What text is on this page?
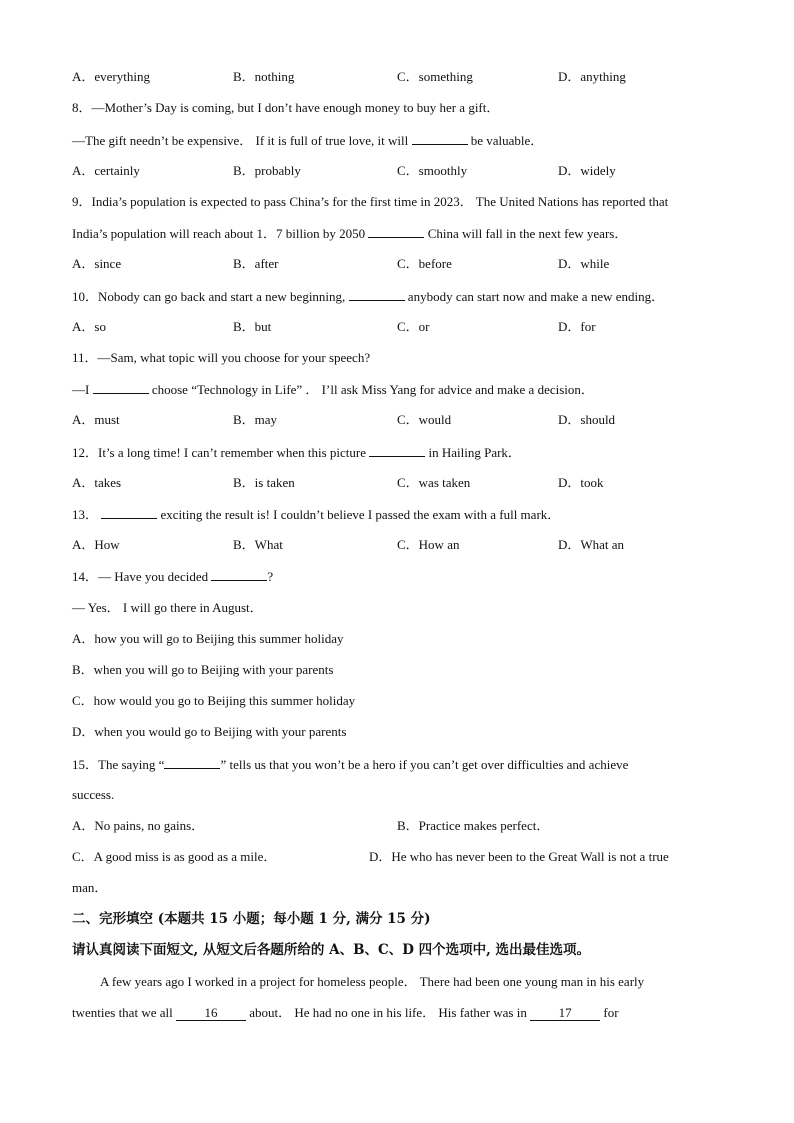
A．everything	B．nothing	C．something	D．anything
8．—Mother’s Day is coming, but I don’t have enough money to buy her a gift．
—The gift needn’t be expensive． If it is full of true love, it will	be valuable．
A．certainly	B．probably	C．smoothly	D．widely
9．India’s population is expected to pass China’s for the first time in 2023． The United Nations has reported that
India’s population will reach about 1．7 billion by 2050	China will fall in the next few years．
A．since	B．after	C．before	D．while
10．Nobody can go back and start a new beginning,	anybody can start now and make a new ending．
A．so	B．but	C．or	D．for
11．—Sam, what topic will you choose for your speech?
—I	choose “Technology in Life” ． I’ll ask Miss Yang for advice and make a decision．
A．must	B．may	C．would	D．should
12．It’s a long time! I can’t remember when this picture	in Hailing Park．
A．takes	B．is taken	C．was taken	D．took
13．	exciting the result is! I couldn’t believe I passed the exam with a full mark．
A．How	B．What	C．How an	D．What an
14．— Have you decided	?
— Yes． I will go there in August．
A．how you will go to Beijing this summer holiday
B．when you will go to Beijing with your parents
C．how would you go to Beijing this summer holiday
D．when you would go to Beijing with your parents
15．The saying “	” tells us that you won’t be a hero if you can’t get over difficulties and achieve
success.
A．No pains, no gains．	B．Practice makes perfect．
C．A good miss is as good as a mile．	D．He who has never been to the Great Wall is not a true
man．
二、完形填空 (本题共 15 小题；每小题 1 分, 满分 15 分)
请认真阅读下面短文, 从短文后各题所给的 A、B、C、D 四个选项中, 选出最佳选项。
A few years ago I worked in a project for homeless people． There had been one young man in his early
twenties that we all 16 about． He had no one in his life． His father was in 17 for
